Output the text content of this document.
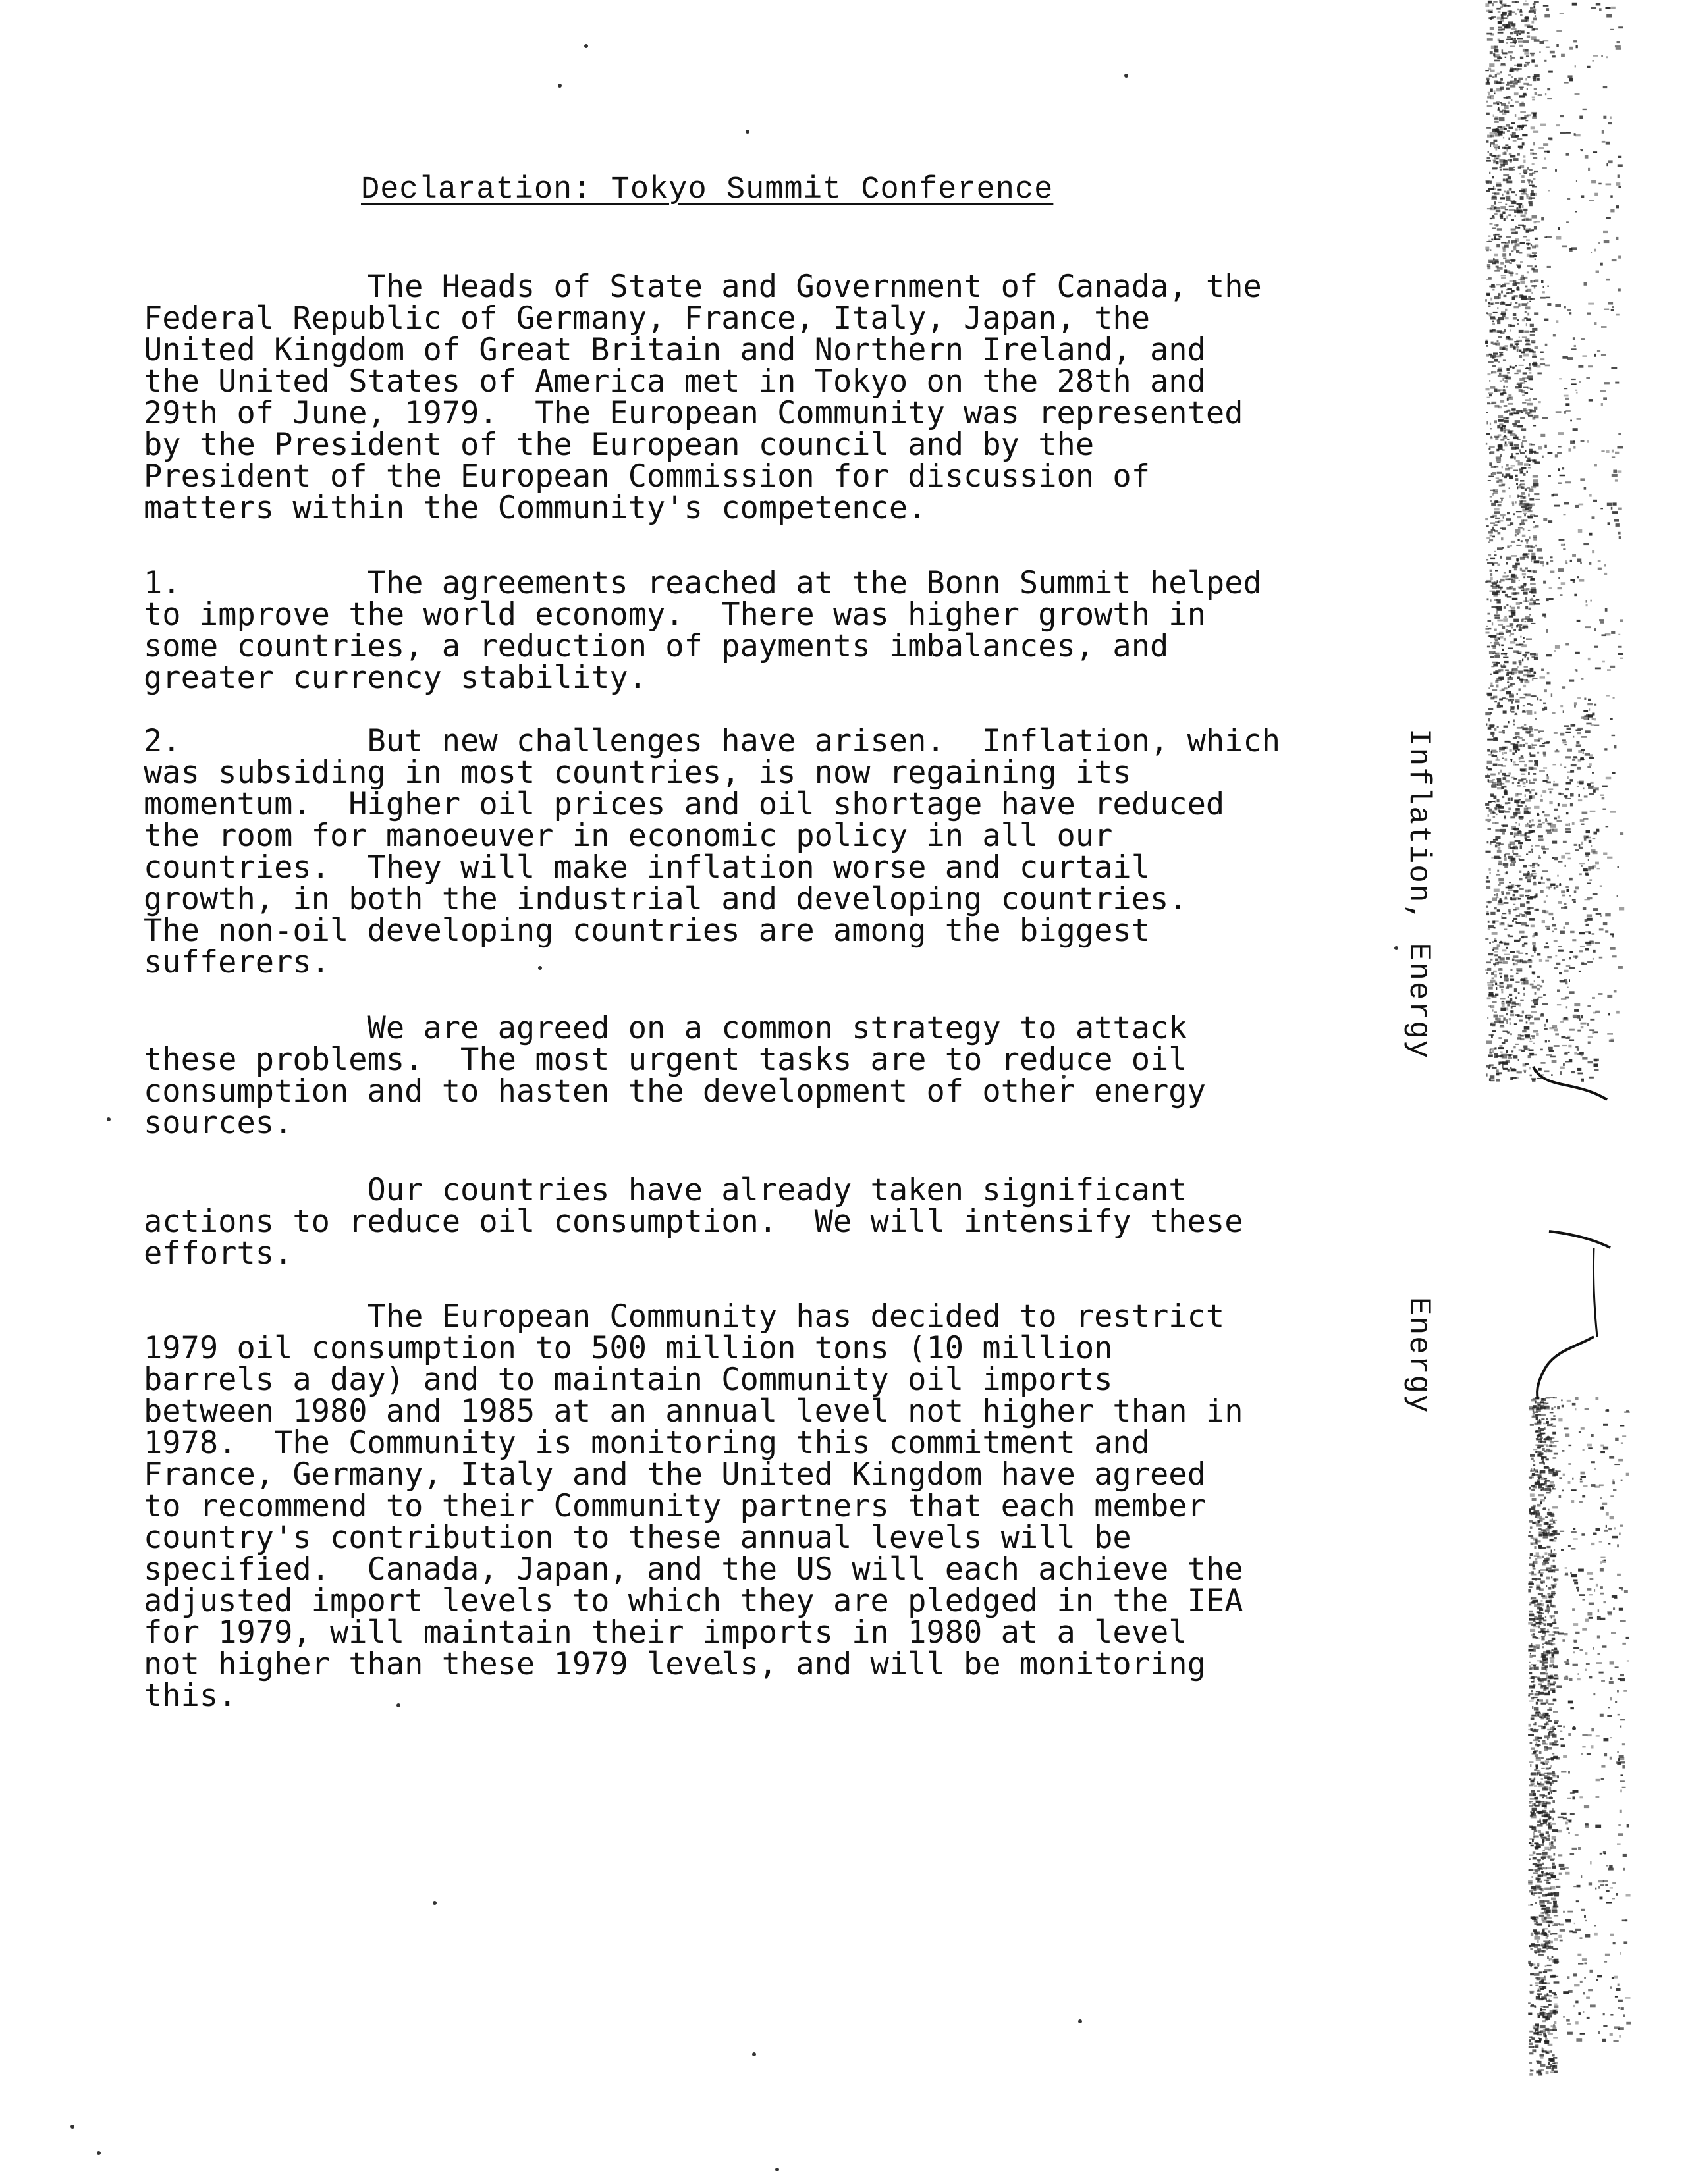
Declaration: Tokyo Summit Conference
The Heads of State and Government of Canada, the
Federal Republic of Germany, France, Italy, Japan, the
United Kingdom of Great Britain and Northern Ireland, and
the United States of America met in Tokyo on the 28th and
29th of June, 1979.  The European Community was represented
by the President of the European council and by the
President of the European Commission for discussion of
matters within the Community's competence.
1.          The agreements reached at the Bonn Summit helped
to improve the world economy.  There was higher growth in
some countries, a reduction of payments imbalances, and
greater currency stability.
2.          But new challenges have arisen.  Inflation, which
was subsiding in most countries, is now regaining its
momentum.  Higher oil prices and oil shortage have reduced
the room for manoeuver in economic policy in all our
countries.  They will make inflation worse and curtail
growth, in both the industrial and developing countries.
The non-oil developing countries are among the biggest
sufferers.
We are agreed on a common strategy to attack
these problems.  The most urgent tasks are to reduce oil
consumption and to hasten the development of other energy
sources.
Our countries have already taken significant
actions to reduce oil consumption.  We will intensify these
efforts.
The European Community has decided to restrict
1979 oil consumption to 500 million tons (10 million
barrels a day) and to maintain Community oil imports
between 1980 and 1985 at an annual level not higher than in
1978.  The Community is monitoring this commitment and
France, Germany, Italy and the United Kingdom have agreed
to recommend to their Community partners that each member
country's contribution to these annual levels will be
specified.  Canada, Japan, and the US will each achieve the
adjusted import levels to which they are pledged in the IEA
for 1979, will maintain their imports in 1980 at a level
not higher than these 1979 levels, and will be monitoring
this.
Inflation, Energy
Energy
